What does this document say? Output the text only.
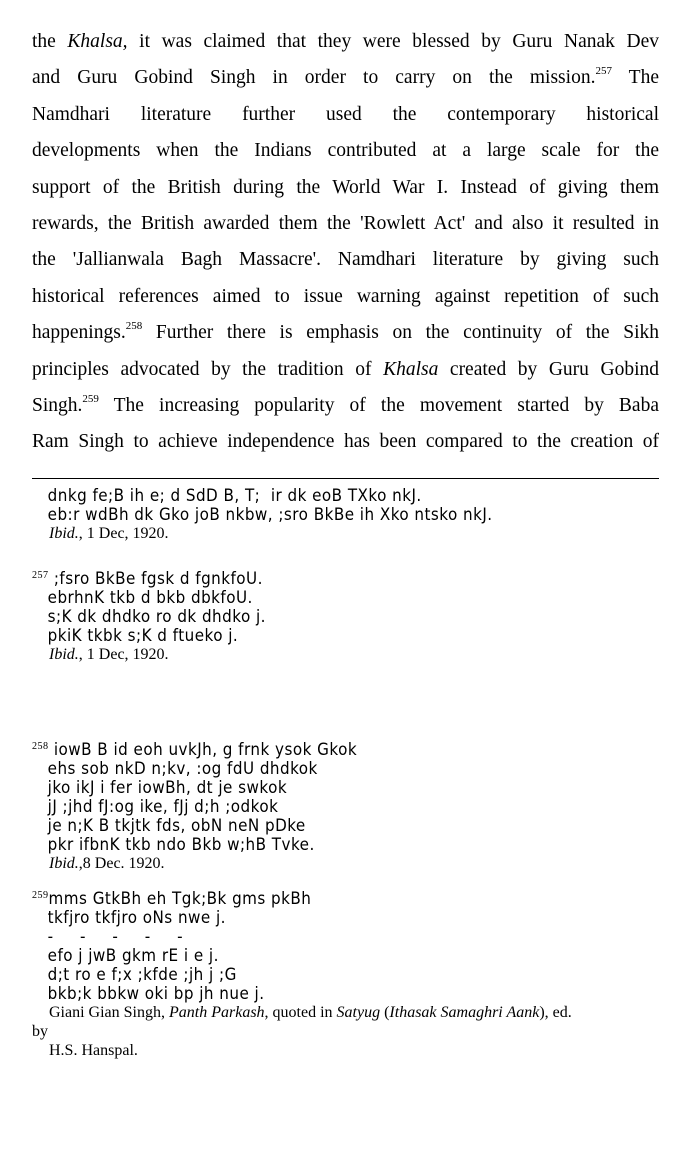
the Khalsa, it was claimed that they were blessed by Guru Nanak Dev
and Guru Gobind Singh in order to carry on the mission.$^{257}$ The
Namdhari literature further used the contemporary historical
developments when the Indians contributed at a large scale for the
support of the British during the World War I. Instead of giving them
rewards, the British awarded them the 'Rowlett Act' and also it resulted in
the 'Jallianwala Bagh Massacre'. Namdhari literature by giving such
historical references aimed to issue warning against repetition of such
happenings.$^{258}$ Further there is emphasis on the continuity of the Sikh
principles advocated by the tradition of Khalsa created by Guru Gobind
Singh.$^{259}$ The increasing popularity of the movement started by Baba
Ram Singh to achieve independence has been compared to the creation of
dnkg fe;B ih e; d SdD B, T;  ir dk eoB TXko nkJ.
eb:r wdBh dk Gko joB nkbw, ;sro BkBe ih Xko ntsko nkJ.
Ibid., 1 Dec, 1920.
$^{257}$ ;fsro BkBe fgsk d fgnkfoU.
ebrhnK tkb d bkb dbkfoU.
s;K dk dhdko ro dk dhdko j.
pkiK tkbk s;K d ftueko j.
Ibid., 1 Dec, 1920.
$^{258}$ iowB B id eoh uvkJh, g frnk ysok Gkok
ehs sob nkD n;kv, :og fdU dhdkok
jko ikJ i fer iowBh, dt je swkok
jJ ;jhd fJ:og ike, fJj d;h ;odkok
je n;K B tkjtk fds, obN neN pDke
pkr ifbnK tkb ndo Bkb w;hB Tvke.
Ibid.,8 Dec. 1920.
$^{259}$mms GtkBh eh Tgk;Bk gms pkBh
tkfjro tkfjro oNs nwe j.
-     -     -     -     -
efo j jwB gkm rE i e j.
d;t ro e f;x ;kfde ;jh j ;G
bkb;k bbkw oki bp jh nue j.
Giani Gian Singh, Panth Parkash, quoted in Satyug (Ithasak Samaghri Aank), ed.
by
H.S. Hanspal.
